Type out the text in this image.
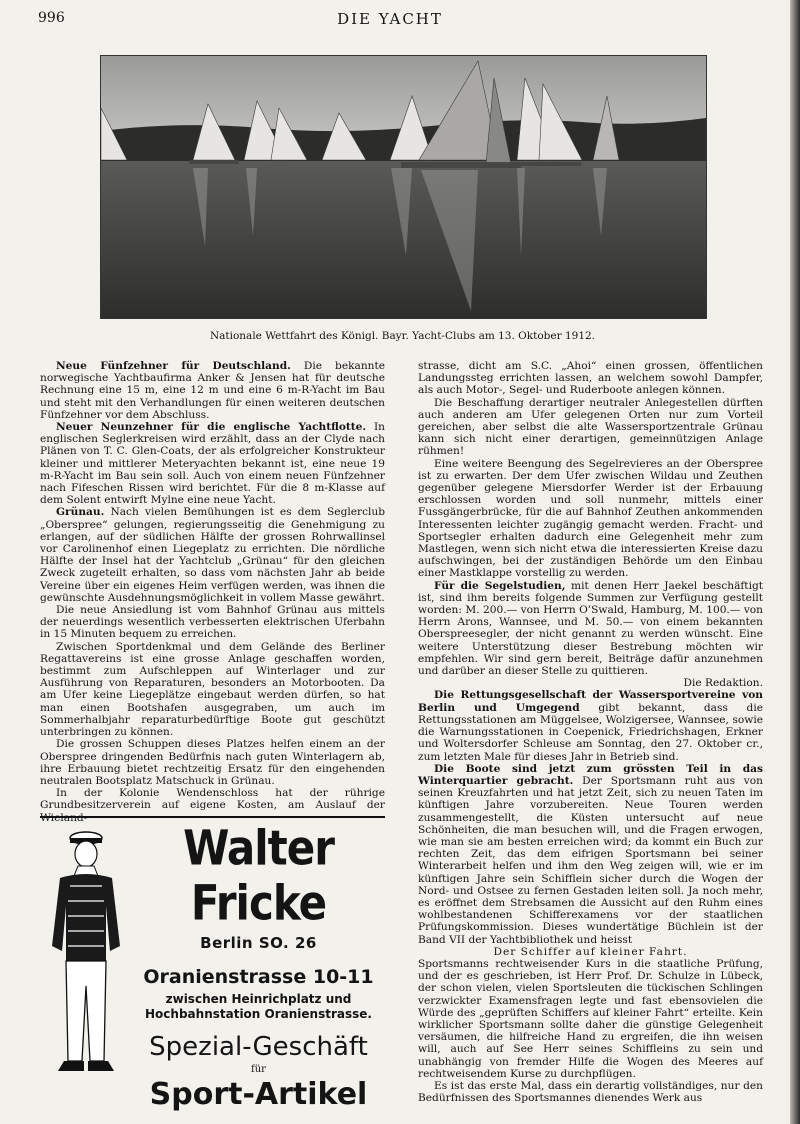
996	DIE YACHT
Nationale Wettfahrt des Königl. Bayr. Yacht-Clubs am 13. Oktober 1912.

Neue Fünfzehner für Deutschland. Die bekannte norwegische Yachtbaufirma Anker & Jensen hat für deutsche Rechnung eine 15 m, eine 12 m und eine 6 m-R-Yacht im Bau und steht mit den Verhandlungen für einen weiteren deutschen Fünfzehner vor dem Abschluss.

Neuer Neunzehner für die englische Yachtflotte. In englischen Seglerkreisen wird erzählt, dass an der Clyde nach Plänen von T. C. Glen-Coats, der als erfolgreicher Konstrukteur kleiner und mittlerer Meteryachten bekannt ist, eine neue 19 m-R-Yacht im Bau sein soll. Auch von einem neuen Fünfzehner nach Fifeschen Rissen wird berichtet. Für die 8 m-Klasse auf dem Solent entwirft Mylne eine neue Yacht.

Grünau. Nach vielen Bemühungen ist es dem Seglerclub „Oberspree“ gelungen, regierungsseitig die Genehmigung zu erlangen, auf der südlichen Hälfte der grossen Rohrwallinsel vor Carolinenhof einen Liegeplatz zu errichten. Die nördliche Hälfte der Insel hat der Yachtclub „Grünau“ für den gleichen Zweck zugeteilt erhalten, so dass vom nächsten Jahr ab beide Vereine über ein eigenes Heim verfügen werden, was ihnen die gewünschte Ausdehnungsmöglichkeit in vollem Masse gewährt.

Die neue Ansiedlung ist vom Bahnhof Grünau aus mittels der neuerdings wesentlich verbesserten elektrischen Uferbahn in 15 Minuten bequem zu erreichen.

Zwischen Sportdenkmal und dem Gelände des Berliner Regattavereins ist eine grosse Anlage geschaffen worden, bestimmt zum Aufschleppen auf Winterlager und zur Ausführung von Reparaturen, besonders an Motorbooten. Da am Ufer keine Liegeplätze eingebaut werden dürfen, so hat man einen Bootshafen ausgegraben, um auch im Sommerhalbjahr reparaturbedürftige Boote gut geschützt unterbringen zu können.

Die grossen Schuppen dieses Platzes helfen einem an der Oberspree dringenden Bedürfnis nach guten Winterlagern ab, ihre Erbauung bietet rechtzeitig Ersatz für den eingehenden neutralen Bootsplatz Matschuck in Grünau.

In der Kolonie Wendenschloss hat der rührige Grundbesitzerverein auf eigene Kosten, am Auslauf der Wieland-

strasse, dicht am S.C. „Ahoi“ einen grossen, öffentlichen Landungssteg errichten lassen, an welchem sowohl Dampfer, als auch Motor-, Segel- und Ruderboote anlegen können.

Die Beschaffung derartiger neutraler Anlegestellen dürften auch anderen am Ufer gelegenen Orten nur zum Vorteil gereichen, aber selbst die alte Wassersportzentrale Grünau kann sich nicht einer derartigen, gemeinnützigen Anlage rühmen!

Eine weitere Beengung des Segelrevieres an der Oberspree ist zu erwarten. Der dem Ufer zwischen Wildau und Zeuthen gegenüber gelegene Miersdorfer Werder ist der Erbauung erschlossen worden und soll nunmehr, mittels einer Fussgängerbrücke, für die auf Bahnhof Zeuthen ankommenden Interessenten leichter zugängig gemacht werden. Fracht- und Sportsegler erhalten dadurch eine Gelegenheit mehr zum Mastlegen, wenn sich nicht etwa die interessierten Kreise dazu aufschwingen, bei der zuständigen Behörde um den Einbau einer Mastklappe vorstellig zu werden.

Für die Segelstudien, mit denen Herr Jaekel beschäftigt ist, sind ihm bereits folgende Summen zur Verfügung gestellt worden: M. 200.— von Herrn O’Swald, Hamburg, M. 100.— von Herrn Arons, Wannsee, und M. 50.— von einem bekannten Oberspreesegler, der nicht genannt zu werden wünscht. Eine weitere Unterstützung dieser Bestrebung möchten wir empfehlen. Wir sind gern bereit, Beiträge dafür anzunehmen und darüber an dieser Stelle zu quittieren.

Die Redaktion.

Die Rettungsgesellschaft der Wassersportvereine von Berlin und Umgegend gibt bekannt, dass die Rettungsstationen am Müggelsee, Wolzigersee, Wannsee, sowie die Warnungsstationen in Coepenick, Friedrichshagen, Erkner und Woltersdorfer Schleuse am Sonntag, den 27. Oktober cr., zum letzten Male für dieses Jahr in Betrieb sind.

Die Boote sind jetzt zum grössten Teil in das Winterquartier gebracht. Der Sportsmann ruht aus von seinen Kreuzfahrten und hat jetzt Zeit, sich zu neuen Taten im künftigen Jahre vorzubereiten. Neue Touren werden zusammengestellt, die Küsten untersucht auf neue Schönheiten, die man besuchen will, und die Fragen erwogen, wie man sie am besten erreichen wird; da kommt ein Buch zur rechten Zeit, das dem eifrigen Sportsmann bei seiner Winterarbeit helfen und ihm den Weg zeigen will, wie er im künftigen Jahre sein Schifflein sicher durch die Wogen der Nord- und Ostsee zu fernen Gestaden leiten soll. Ja noch mehr, es eröffnet dem Strebsamen die Aussicht auf den Ruhm eines wohlbestandenen Schifferexamens vor der staatlichen Prüfungskommission. Dieses wundertätige Büchlein ist der Band VII der Yachtbibliothek und heisst

Der Schiffer auf kleiner Fahrt.

Sportsmanns rechtweisender Kurs in die staatliche Prüfung, und der es geschrieben, ist Herr Prof. Dr. Schulze in Lübeck, der schon vielen, vielen Sportsleuten die tückischen Schlingen verzwickter Examensfragen legte und fast ebensovielen die Würde des „geprüften Schiffers auf kleiner Fahrt“ erteilte. Kein wirklicher Sportsmann sollte daher die günstige Gelegenheit versäumen, die hilfreiche Hand zu ergreifen, die ihn weisen will, auch auf See Herr seines Schiffleins zu sein und unabhängig von fremder Hilfe die Wogen des Meeres auf rechtweisendem Kurse zu durchpflügen.

Es ist das erste Mal, dass ein derartig vollständiges, nur den Bedürfnissen des Sportsmannes dienendes Werk aus

Walter Fricke
Berlin SO. 26
Oranienstrasse 10-11
zwischen Heinrichplatz und Hochbahnstation Oranienstrasse.
Spezial-Geschäft
für
Sport-Artikel
